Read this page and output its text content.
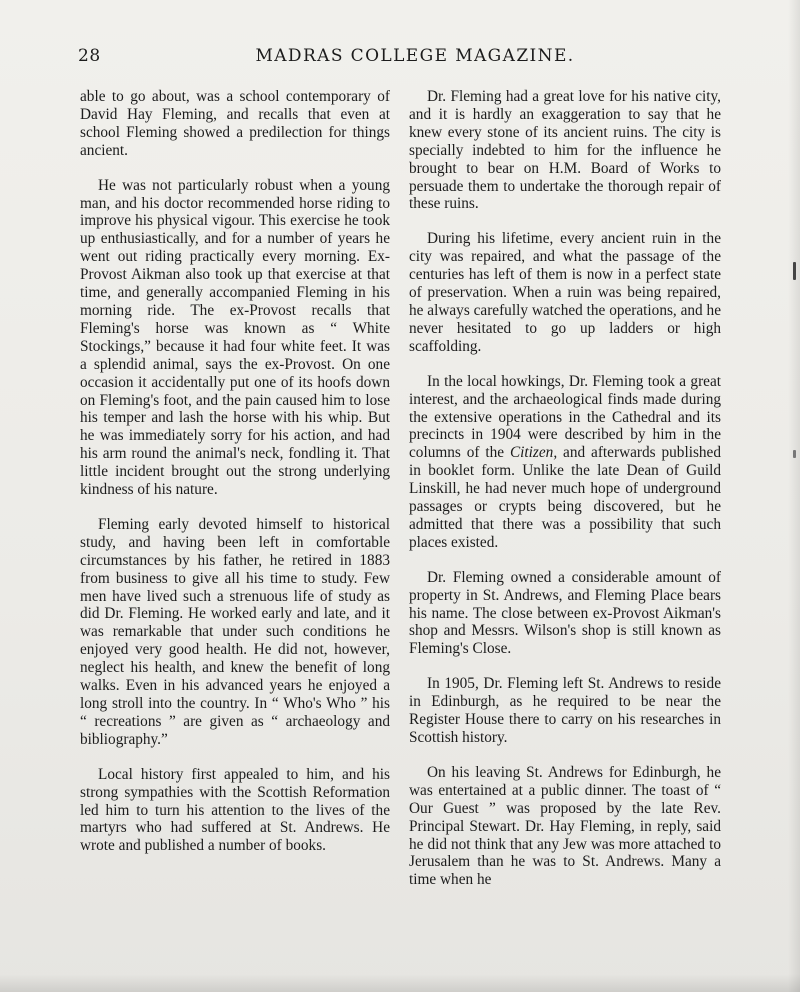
28	MADRAS COLLEGE MAGAZINE.

able to go about, was a school contemporary of David Hay Fleming, and recalls that even at school Fleming showed a predilection for things ancient.

He was not particularly robust when a young man, and his doctor recommended horse riding to improve his physical vigour. This exercise he took up enthusiastically, and for a number of years he went out riding practically every morning. Ex-Provost Aikman also took up that exercise at that time, and generally accompanied Fleming in his morning ride. The ex-Provost recalls that Fleming's horse was known as “ White Stockings,” because it had four white feet. It was a splendid animal, says the ex-Provost. On one occasion it accidentally put one of its hoofs down on Fleming's foot, and the pain caused him to lose his temper and lash the horse with his whip. But he was immediately sorry for his action, and had his arm round the animal's neck, fondling it. That little incident brought out the strong underlying kindness of his nature.

Fleming early devoted himself to historical study, and having been left in comfortable circumstances by his father, he retired in 1883 from business to give all his time to study. Few men have lived such a strenuous life of study as did Dr. Fleming. He worked early and late, and it was remarkable that under such conditions he enjoyed very good health. He did not, however, neglect his health, and knew the benefit of long walks. Even in his advanced years he enjoyed a long stroll into the country. In “ Who's Who ” his “ recreations ” are given as “ archaeology and bibliography.”

Local history first appealed to him, and his strong sympathies with the Scottish Reformation led him to turn his attention to the lives of the martyrs who had suffered at St. Andrews. He wrote and published a number of books.

Dr. Fleming had a great love for his native city, and it is hardly an exaggeration to say that he knew every stone of its ancient ruins. The city is specially indebted to him for the influence he brought to bear on H.M. Board of Works to persuade them to undertake the thorough repair of these ruins.

During his lifetime, every ancient ruin in the city was repaired, and what the passage of the centuries has left of them is now in a perfect state of preservation. When a ruin was being repaired, he always carefully watched the operations, and he never hesitated to go up ladders or high scaffolding.

In the local howkings, Dr. Fleming took a great interest, and the archaeological finds made during the extensive operations in the Cathedral and its precincts in 1904 were described by him in the columns of the Citizen, and afterwards published in booklet form. Unlike the late Dean of Guild Linskill, he had never much hope of underground passages or crypts being discovered, but he admitted that there was a possibility that such places existed.

Dr. Fleming owned a considerable amount of property in St. Andrews, and Fleming Place bears his name. The close between ex-Provost Aikman's shop and Messrs. Wilson's shop is still known as Fleming's Close.

In 1905, Dr. Fleming left St. Andrews to reside in Edinburgh, as he required to be near the Register House there to carry on his researches in Scottish history.

On his leaving St. Andrews for Edinburgh, he was entertained at a public dinner. The toast of “ Our Guest ” was proposed by the late Rev. Principal Stewart. Dr. Hay Fleming, in reply, said he did not think that any Jew was more attached to Jerusalem than he was to St. Andrews. Many a time when he
